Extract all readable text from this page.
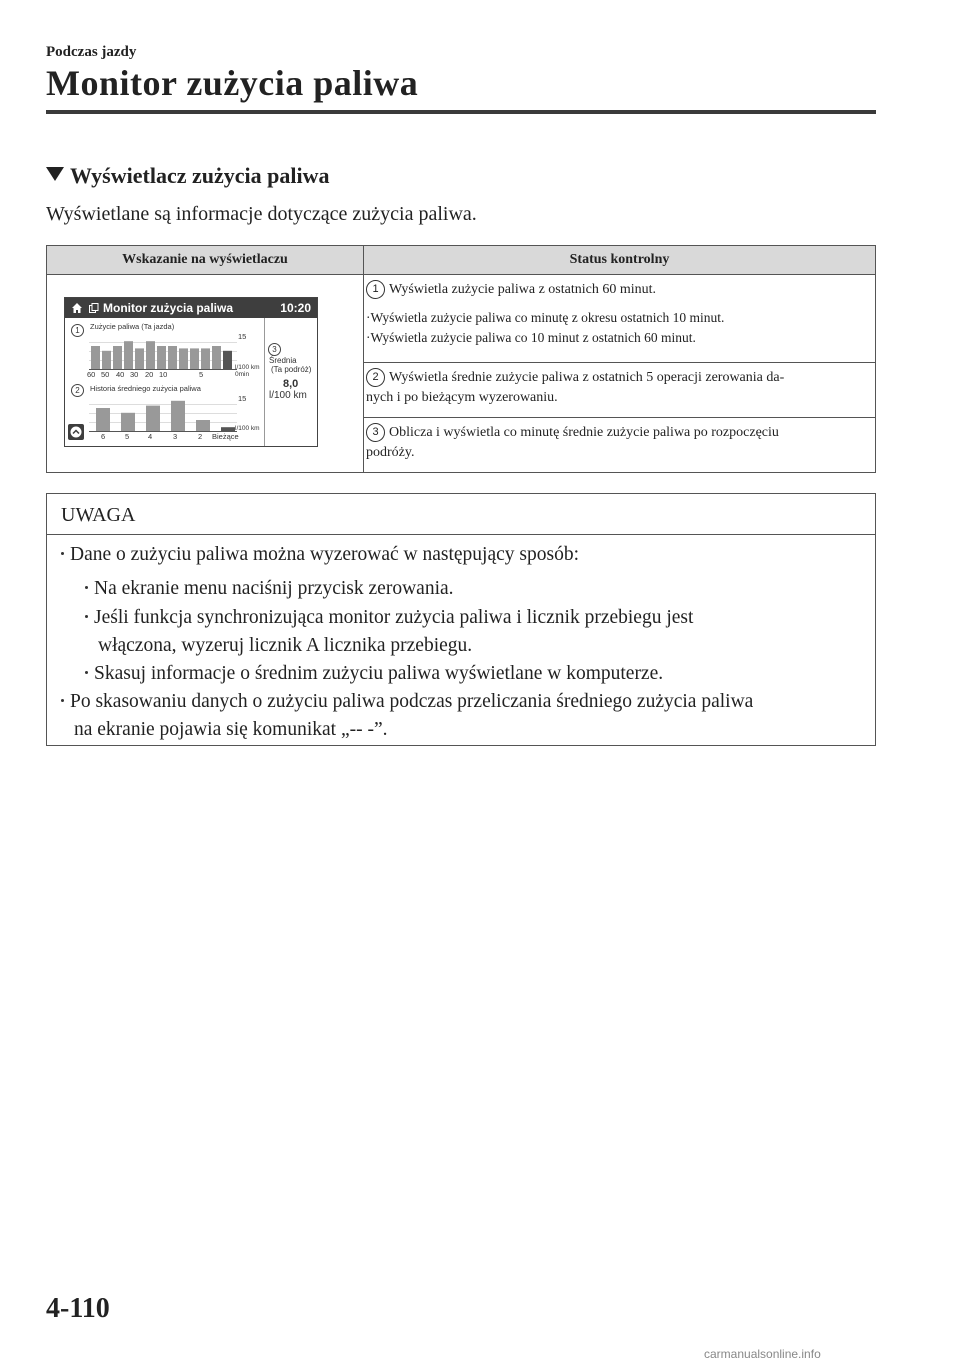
Podczas jazdy
Monitor zużycia paliwa
Wyświetlacz zużycia paliwa
Wyświetlane są informacje dotyczące zużycia paliwa.
Wskazanie na wyświetlaczu	Status kontrolny
1 Wyświetla zużycie paliwa z ostatnich 60 minut.
·Wyświetla zużycie paliwa co minutę z okresu ostatnich 10 minut.
·Wyświetla zużycie paliwa co 10 minut z ostatnich 60 minut.
2 Wyświetla średnie zużycie paliwa z ostatnich 5 operacji zerowania da-
nych i po bieżącym wyzerowaniu.
3 Oblicza i wyświetla co minutę średnie zużycie paliwa po rozpoczęciu
podróży.
Monitor zużycia paliwa	10:20
1	Zużycie paliwa (Ta jazda)
15
l/100 km
0min
60 50 40 30 20 10	5
2	Historia średniego zużycia paliwa
15
l/100 km
6	5	4	3	2 Bieżące
3
Średnia
(Ta podróż)
8,0
l/100 km
UWAGA
Dane o zużyciu paliwa można wyzerować w następujący sposób:
Na ekranie menu naciśnij przycisk zerowania.
Jeśli funkcja synchronizująca monitor zużycia paliwa i licznik przebiegu jest
włączona, wyzeruj licznik A licznika przebiegu.
Skasuj informacje o średnim zużyciu paliwa wyświetlane w komputerze.
Po skasowaniu danych o zużyciu paliwa podczas przeliczania średniego zużycia paliwa
na ekranie pojawia się komunikat „-- -”.
4-110
carmanualsonline.info
